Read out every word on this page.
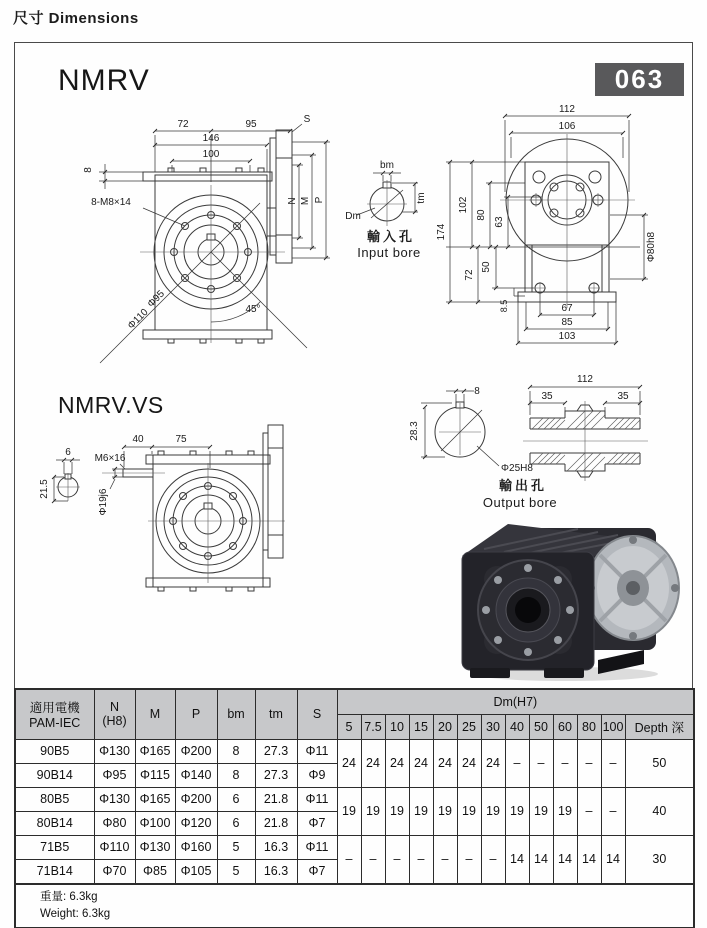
尺寸 Dimensions
NMRV	063
NMRV.VS
72	95
146
100
8
S
8-M8×14	N M P
Φ95
Φ110	45°
bm
tm
Dm
輸入孔
Input bore
112
106
Φ80h8
67
85
103
174
102
80
63
50
72
8.5
40	75
6
M6×16
21.5	Φ19j6
8
28.3
Φ25H8
輸出孔
Output bore
112
35	35
適用電機
PAM-IEC

N
(H8)	M	P	bm	tm	S	Dm(H7)
							5	7.5	10	15	20	25	30	40	50	60	80	100	Depth 深
90B5	Φ130	Φ165	Φ200	8	27.3	Φ11	24	24	24	24	24	24	24	–	–	–	–	–	50
90B14	Φ95	Φ115	Φ140	8	27.3	Φ9													
80B5	Φ130	Φ165	Φ200	6	21.8	Φ11	19	19	19	19	19	19	19	19	19	19	–	–	40
80B14	Φ80	Φ100	Φ120	6	21.8	Φ7													
71B5	Φ110	Φ130	Φ160	5	16.3	Φ11	–	–	–	–	–	–	–	14	14	14	14	14	30
71B14	Φ70	Φ85	Φ105	5	16.3	Φ7													

重量: 6.3kg
Weight: 6.3kg																			
